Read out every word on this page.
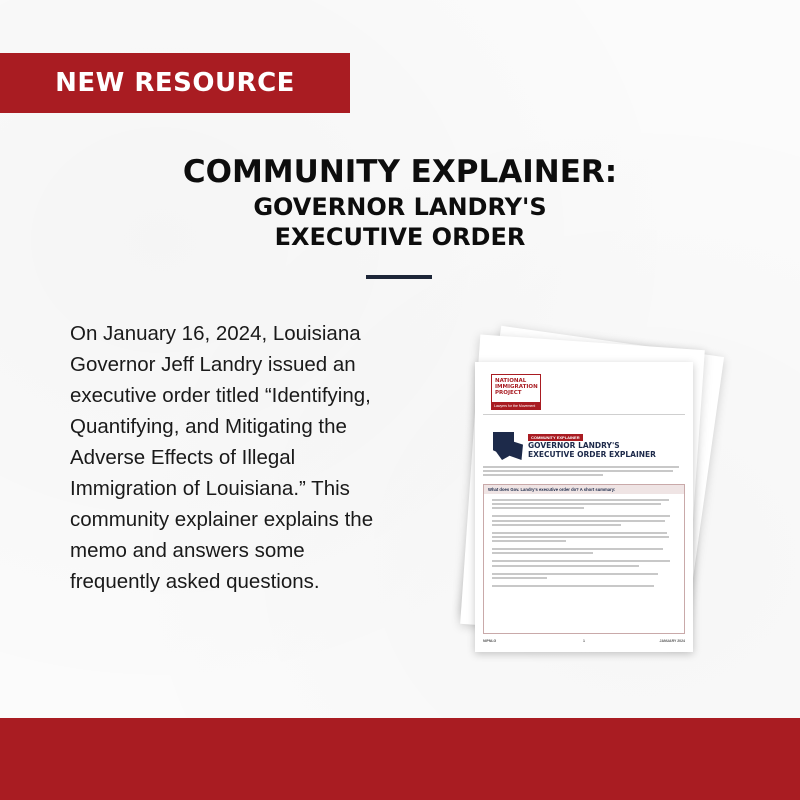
NEW RESOURCE
COMMUNITY EXPLAINER:
GOVERNOR LANDRY'S
EXECUTIVE ORDER
On January 16, 2024, Louisiana Governor Jeff Landry issued an executive order titled “Identifying, Quantifying, and Mitigating the Adverse Effects of Illegal Immigration of Louisiana.” This community explainer explains the memo and answers some frequently asked questions.
NATIONAL IMMIGRATION PROJECT
Lawyers for the Movement
COMMUNITY EXPLAINER
GOVERNOR LANDRY'S
EXECUTIVE ORDER EXPLAINER
What does Gov. Landry's executive order do? A short summary:
NIPNLG	1	JANUARY 2024
